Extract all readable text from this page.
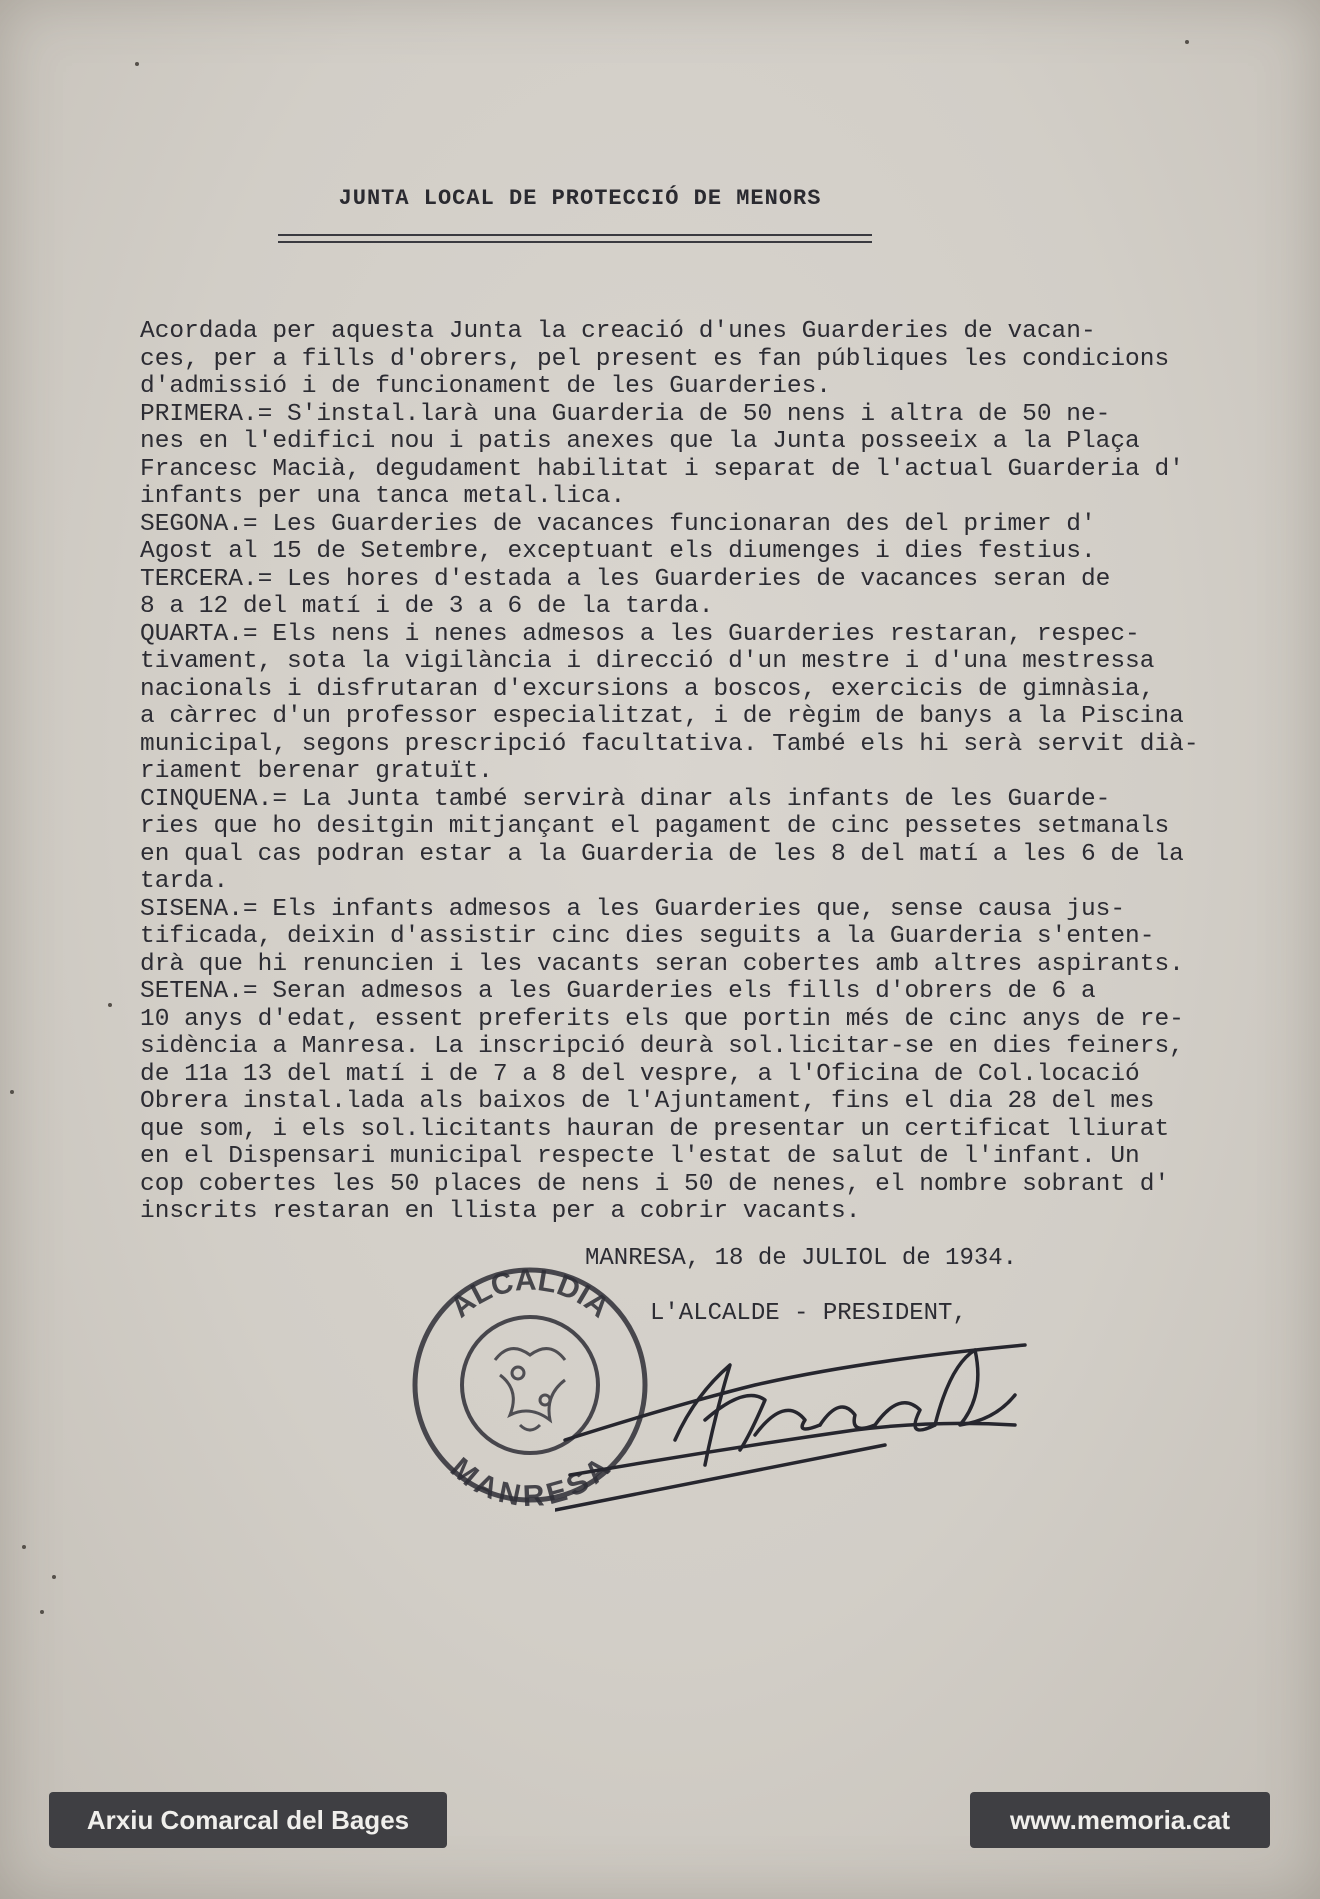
JUNTA LOCAL DE PROTECCIÓ DE MENORS

Acordada per aquesta Junta la creació d'unes Guarderies de vacan-

ces, per a fills d'obrers, pel present es fan públiques les condicions

d'admissió i de funcionament de les Guarderies.

PRIMERA.= S'instal.larà una Guarderia de 50 nens i altra de 50 ne-

nes en l'edifici nou i patis anexes que la Junta posseeix a la Plaça

Francesc Macià, degudament habilitat i separat de l'actual Guarderia d'

infants per una tanca metal.lica.

SEGONA.= Les Guarderies de vacances funcionaran des del primer d'

Agost al 15 de Setembre, exceptuant els diumenges i dies festius.

TERCERA.= Les hores d'estada a les Guarderies de vacances seran de

8 a 12 del matí i de 3 a 6 de la tarda.

QUARTA.= Els nens i nenes admesos a les Guarderies restaran, respec-

tivament, sota la vigilància i direcció d'un mestre i d'una mestressa

nacionals i disfrutaran d'excursions a boscos, exercicis de gimnàsia,

a càrrec d'un professor especialitzat, i de règim de banys a la Piscina

municipal, segons prescripció facultativa. També els hi serà servit dià-

riament berenar gratuït.

CINQUENA.= La Junta també servirà dinar als infants de les Guarde-

ries que ho desitgin mitjançant el pagament de cinc pessetes setmanals

en qual cas podran estar a la Guarderia de les 8 del matí a les 6 de la

tarda.

SISENA.= Els infants admesos a les Guarderies que, sense causa jus-

tificada, deixin d'assistir cinc dies seguits a la Guarderia s'enten-

drà que hi renuncien i les vacants seran cobertes amb altres aspirants.

SETENA.= Seran admesos a les Guarderies els fills d'obrers de 6 a

10 anys d'edat, essent preferits els que portin més de cinc anys de re-

sidència a Manresa. La inscripció deurà sol.licitar-se en dies feiners,

de 11a 13 del matí i de 7 a 8 del vespre, a l'Oficina de Col.locació

Obrera instal.lada als baixos de l'Ajuntament, fins el dia 28 del mes

que som, i els sol.licitants hauran de presentar un certificat lliurat

en el Dispensari municipal respecte l'estat de salut de l'infant. Un

cop cobertes les 50 places de nens i 50 de nenes, el nombre sobrant d'

inscrits restaran en llista per a cobrir vacants.

MANRESA, 18 de JULIOL de 1934.
L'ALCALDE - PRESIDENT,
ALCALDIA
MANRESA
Arxiu Comarcal del Bages	www.memoria.cat
